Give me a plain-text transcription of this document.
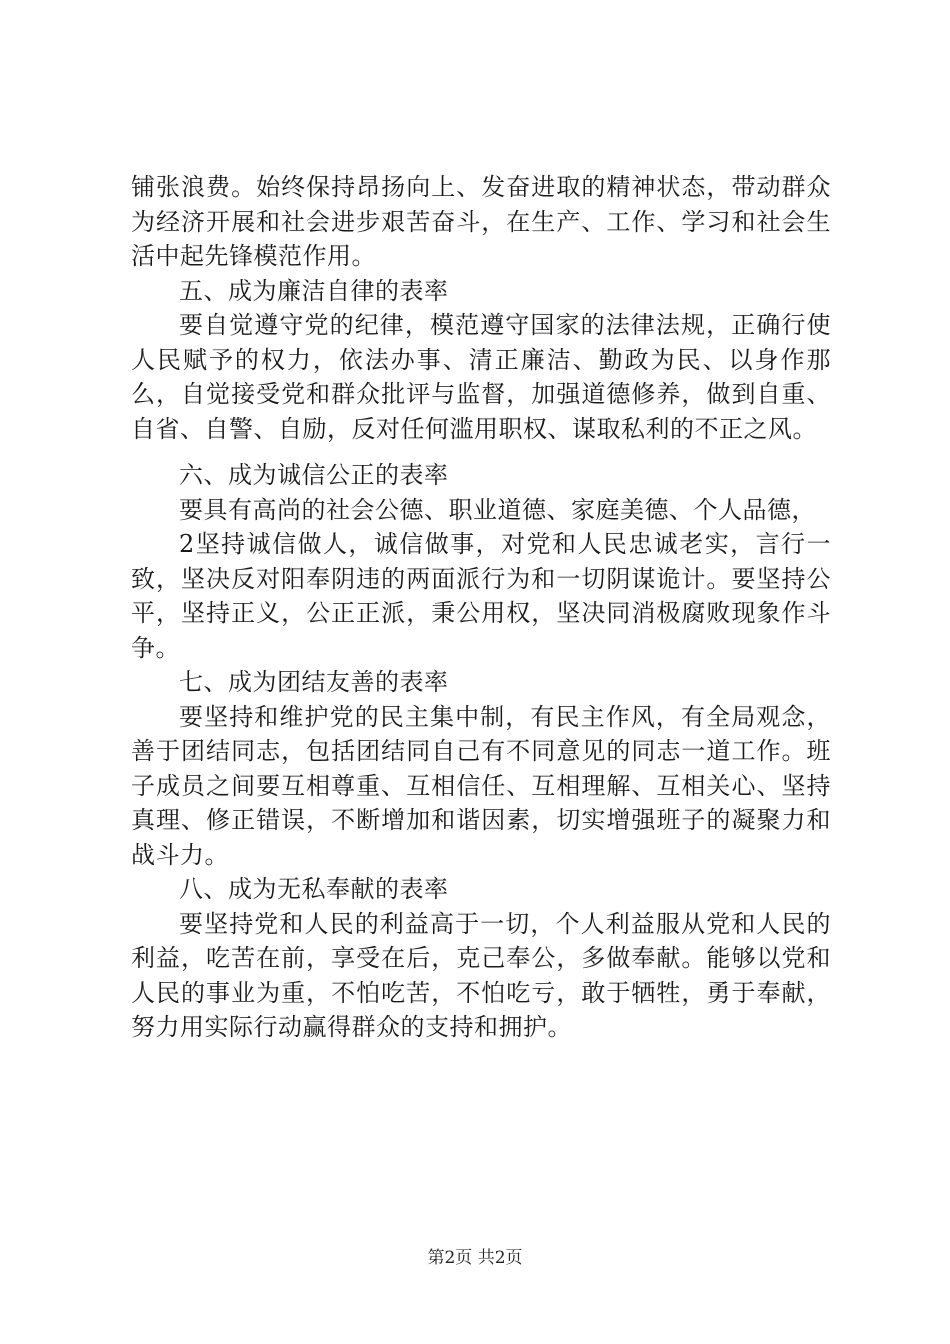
铺张浪费。始终保持昂扬向上、发奋进取的精神状态，带动群众为经济开展和社会进步艰苦奋斗，在生产、工作、学习和社会生活中起先锋模范作用。

五、成为廉洁自律的表率

要自觉遵守党的纪律，模范遵守国家的法律法规，正确行使人民赋予的权力，依法办事、清正廉洁、勤政为民、以身作那么，自觉接受党和群众批评与监督，加强道德修养，做到自重、自省、自警、自励，反对任何滥用职权、谋取私利的不正之风。

六、成为诚信公正的表率

要具有高尚的社会公德、职业道德、家庭美德、个人品德，

2坚持诚信做人，诚信做事，对党和人民忠诚老实，言行一致，坚决反对阳奉阴违的两面派行为和一切阴谋诡计。要坚持公平，坚持正义，公正正派，秉公用权，坚决同消极腐败现象作斗争。

七、成为团结友善的表率

要坚持和维护党的民主集中制，有民主作风，有全局观念，善于团结同志，包括团结同自己有不同意见的同志一道工作。班子成员之间要互相尊重、互相信任、互相理解、互相关心、坚持真理、修正错误，不断增加和谐因素，切实增强班子的凝聚力和战斗力。

八、成为无私奉献的表率

要坚持党和人民的利益高于一切，个人利益服从党和人民的利益，吃苦在前，享受在后，克己奉公，多做奉献。能够以党和人民的事业为重，不怕吃苦，不怕吃亏，敢于牺牲，勇于奉献，努力用实际行动赢得群众的支持和拥护。

第2页 共2页
